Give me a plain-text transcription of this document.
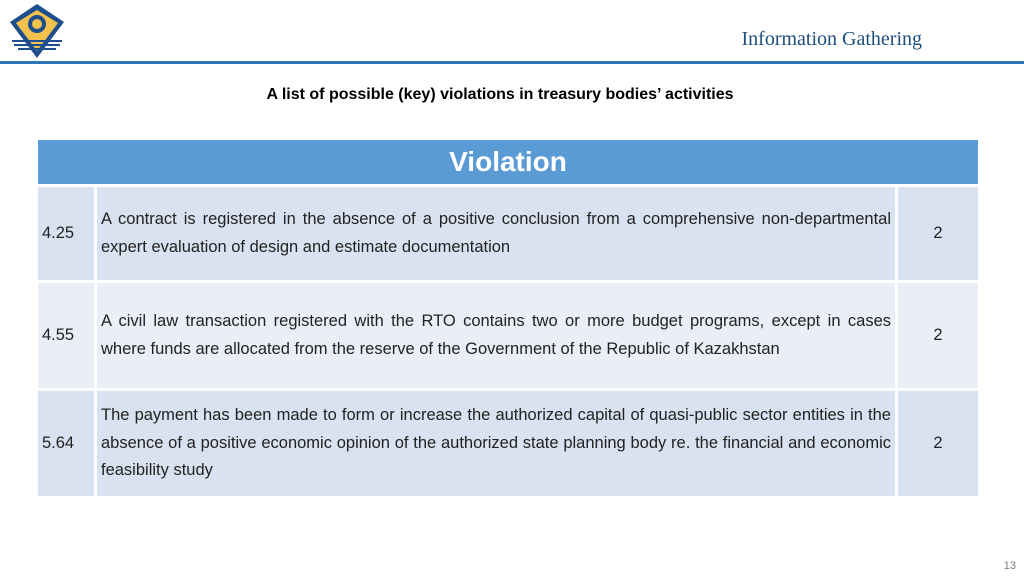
Information Gathering
A list of possible (key) violations in treasury bodies’ activities
Violation		
4.25	A contract is registered in the absence of a positive conclusion from a comprehensive non-departmental expert evaluation of design and estimate documentation	2
4.55	A civil law transaction registered with the RTO contains two or more budget programs, except in cases where funds are allocated from the reserve of the Government of the Republic of Kazakhstan	2
5.64	The payment has been made to form or increase the authorized capital of quasi-public sector entities in the absence of a positive economic opinion of the authorized state planning body re. the financial and economic feasibility study	2
13
